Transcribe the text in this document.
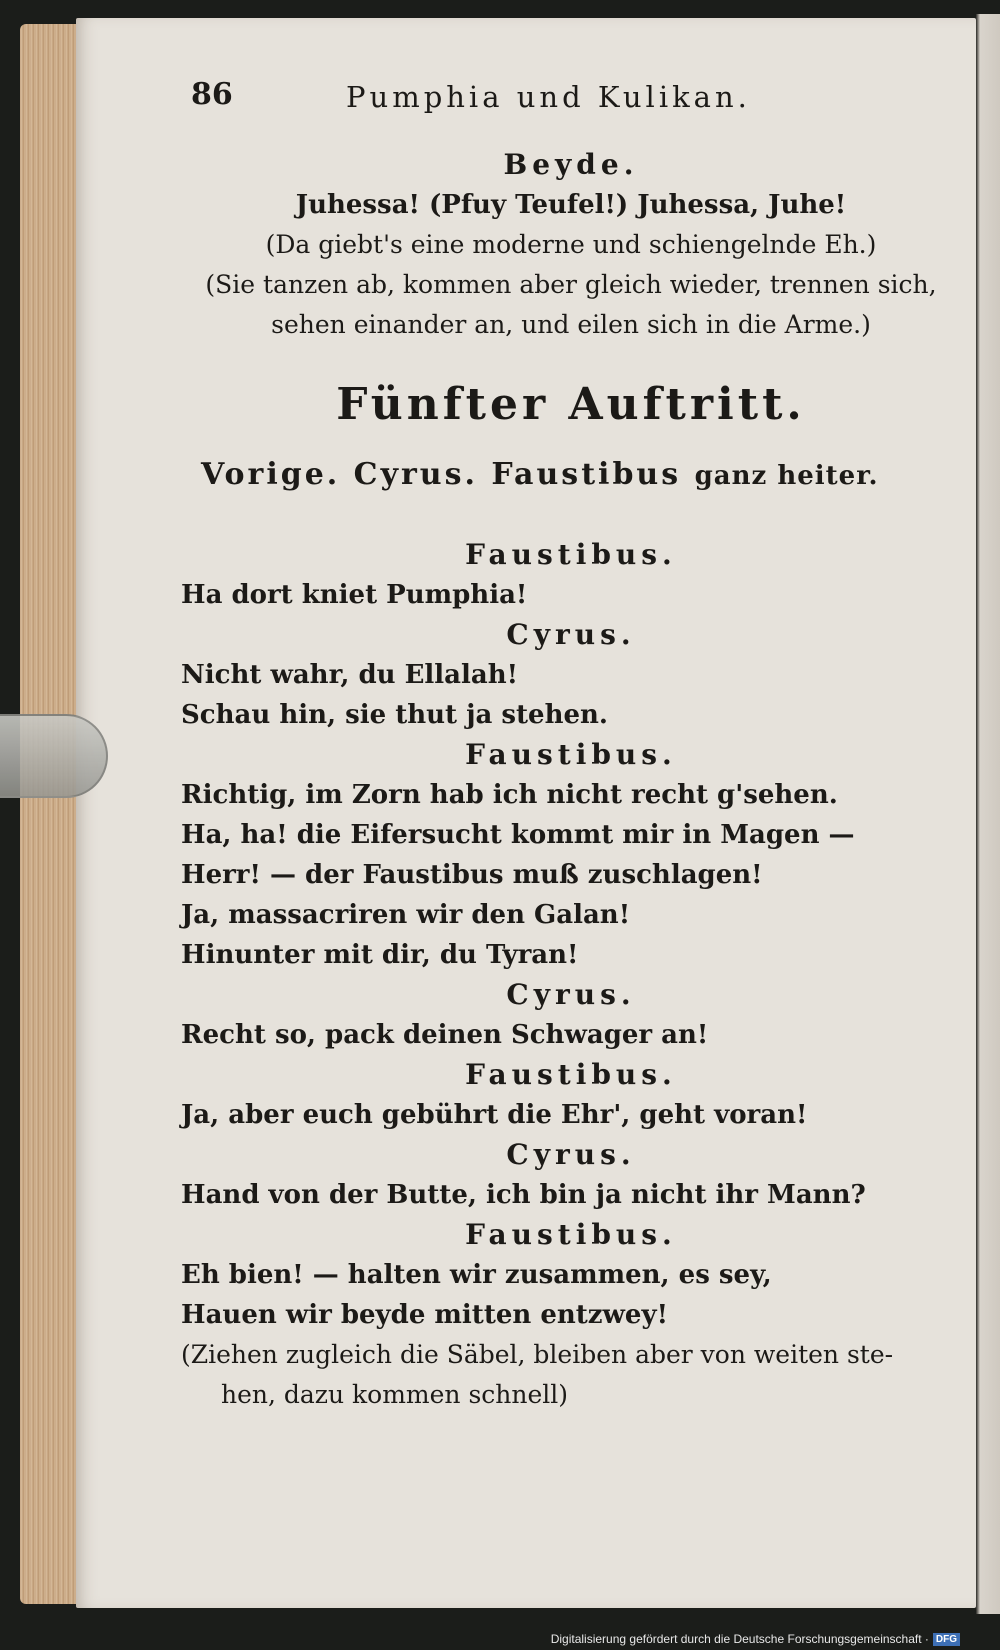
86	Pumphia und Kulikan.
Beyde.
Juhessa! (Pfuy Teufel!) Juhessa, Juhe!
(Da giebt's eine moderne und schiengelnde Eh.)
(Sie tanzen ab, kommen aber gleich wieder, trennen sich,
sehen einander an, und eilen sich in die Arme.)
Fünfter Auftritt.
Vorige. Cyrus. Faustibus ganz heiter.
Faustibus.
Ha dort kniet Pumphia!
Cyrus.
Nicht wahr, du Ellalah!
Schau hin, sie thut ja stehen.
Faustibus.
Richtig, im Zorn hab ich nicht recht g'sehen.
Ha, ha! die Eifersucht kommt mir in Magen —
Herr! — der Faustibus muß zuschlagen!
Ja, massacriren wir den Galan!
Hinunter mit dir, du Tyran!
Cyrus.
Recht so, pack deinen Schwager an!
Faustibus.
Ja, aber euch gebührt die Ehr', geht voran!
Cyrus.
Hand von der Butte, ich bin ja nicht ihr Mann?
Faustibus.
Eh bien! — halten wir zusammen, es sey,
Hauen wir beyde mitten entzwey!
(Ziehen zugleich die Säbel, bleiben aber von weiten ste-
hen, dazu kommen schnell)
Digitalisierung gefördert durch die Deutsche Forschungsgemeinschaft · DFG
